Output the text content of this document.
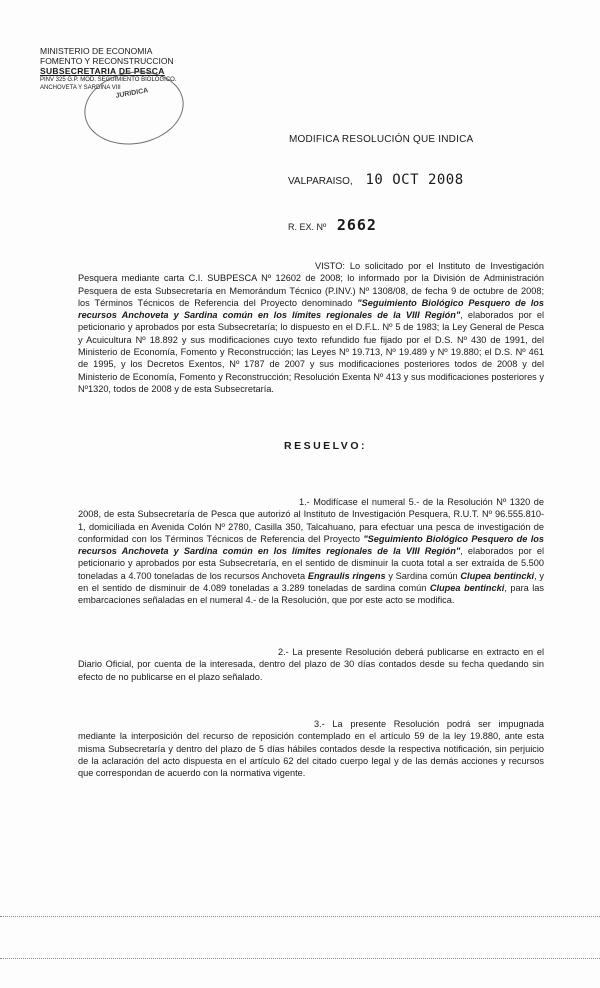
MINISTERIO DE ECONOMIA
FOMENTO Y RECONSTRUCCION
SUBSECRETARIA DE PESCA
PINV 325 G.P. MOD. SEGUIMIENTO BIOLOGICO.
ANCHOVETA Y SARDINA VIII
JURIDICA
MODIFICA RESOLUCIÓN QUE INDICA
VALPARAISO, 10 OCT 2008
R. EX. Nº 2662
VISTO: Lo solicitado por el Instituto de Investigación Pesquera mediante carta C.I. SUBPESCA Nº 12602 de 2008; lo informado por la División de Administración Pesquera de esta Subsecretaría en Memorándum Técnico (P.INV.) Nº 1308/08, de fecha 9 de octubre de 2008; los Términos Técnicos de Referencia del Proyecto denominado "Seguimiento Biológico Pesquero de los recursos Anchoveta y Sardina común en los límites regionales de la VIII Región", elaborados por el peticionario y aprobados por esta Subsecretaría; lo dispuesto en el D.F.L. Nº 5 de 1983; la Ley General de Pesca y Acuicultura Nº 18.892 y sus modificaciones cuyo texto refundido fue fijado por el D.S. Nº 430 de 1991, del Ministerio de Economía, Fomento y Reconstrucción; las Leyes Nº 19.713, Nº 19.489 y Nº 19.880; el D.S. Nº 461 de 1995, y los Decretos Exentos, Nº 1787 de 2007 y sus modificaciones posteriores todos de 2008 y del Ministerio de Economía, Fomento y Reconstrucción; Resolución Exenta Nº 413 y sus modificaciones posteriores y Nº1320, todos de 2008 y de esta Subsecretaría.
RESUELVO:
1.- Modifícase el numeral 5.- de la Resolución Nº 1320 de 2008, de esta Subsecretaría de Pesca que autorizó al Instituto de Investigación Pesquera, R.U.T. Nº 96.555.810-1, domiciliada en Avenida Colón Nº 2780, Casilla 350, Talcahuano, para efectuar una pesca de investigación de conformidad con los Términos Técnicos de Referencia del Proyecto "Seguimiento Biológico Pesquero de los recursos Anchoveta y Sardina común en los límites regionales de la VIII Región", elaborados por el peticionario y aprobados por esta Subsecretaría, en el sentido de disminuir la cuota total a ser extraída de 5.500 toneladas a 4.700 toneladas de los recursos Anchoveta Engraulis ringens y Sardina común Clupea bentincki, y en el sentido de disminuir de 4.089 toneladas a 3.289 toneladas de sardina común Clupea bentincki, para las embarcaciones señaladas en el numeral 4.- de la Resolución, que por este acto se modifica.
2.- La presente Resolución deberá publicarse en extracto en el Diario Oficial, por cuenta de la interesada, dentro del plazo de 30 días contados desde su fecha quedando sin efecto de no publicarse en el plazo señalado.
3.- La presente Resolución podrá ser impugnada mediante la interposición del recurso de reposición contemplado en el artículo 59 de la ley 19.880, ante esta misma Subsecretaría y dentro del plazo de 5 días hábiles contados desde la respectiva notificación, sin perjuicio de la aclaración del acto dispuesta en el artículo 62 del citado cuerpo legal y de las demás acciones y recursos que correspondan de acuerdo con la normativa vigente.
